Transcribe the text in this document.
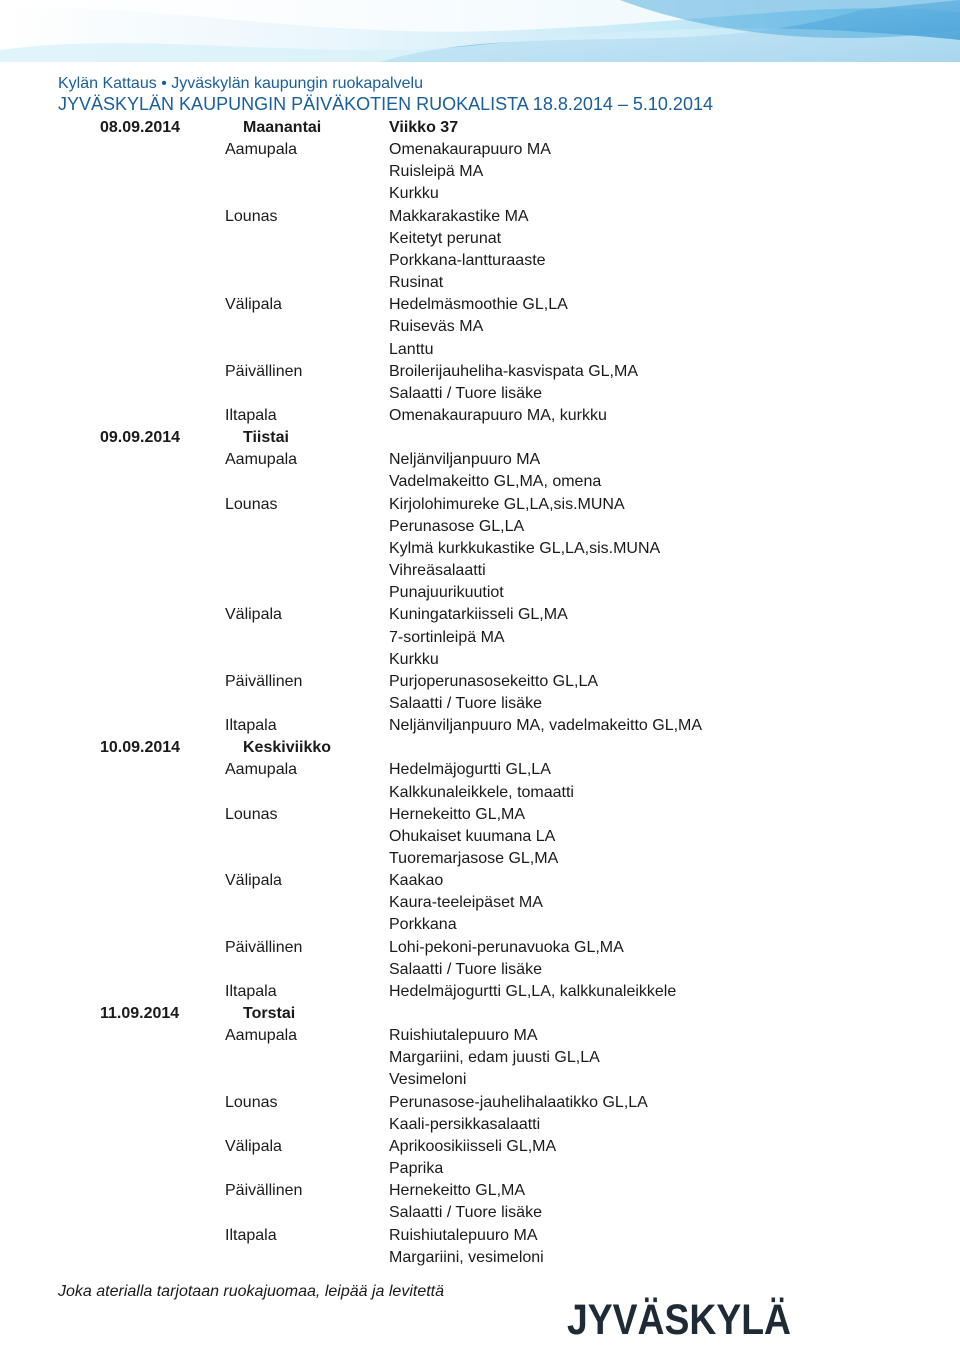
Kylän Kattaus • Jyväskylän kaupungin ruokapalvelu
JYVÄSKYLÄN KAUPUNGIN PÄIVÄKOTIEN RUOKALISTA 18.8.2014 – 5.10.2014
08.09.2014	Maanantai	Viikko 37
Aamupala	Omenakaurapuuro MA
Ruisleipä MA
Kurkku
Lounas	Makkarakastike MA
Keitetyt perunat
Porkkana-lantturaaste
Rusinat
Välipala	Hedelmäsmoothie GL,LA
Ruiseväs MA
Lanttu
Päivällinen	Broilerijauheliha-kasvispata GL,MA
Salaatti / Tuore lisäke
Iltapala	Omenakaurapuuro MA, kurkku
09.09.2014	Tiistai
Aamupala	Neljänviljanpuuro MA
Vadelmakeitto GL,MA, omena
Lounas	Kirjolohimureke GL,LA,sis.MUNA
Perunasose GL,LA
Kylmä kurkkukastike GL,LA,sis.MUNA
Vihreäsalaatti
Punajuurikuutiot
Välipala	Kuningatarkiisseli GL,MA
7-sortinleipä MA
Kurkku
Päivällinen	Purjoperunasosekeitto GL,LA
Salaatti / Tuore lisäke
Iltapala	Neljänviljanpuuro MA, vadelmakeitto GL,MA
10.09.2014	Keskiviikko
Aamupala	Hedelmäjogurtti GL,LA
Kalkkunaleikkele, tomaatti
Lounas	Hernekeitto GL,MA
Ohukaiset kuumana LA
Tuoremarjasose GL,MA
Välipala	Kaakao
Kaura-teeleipäset MA
Porkkana
Päivällinen	Lohi-pekoni-perunavuoka GL,MA
Salaatti / Tuore lisäke
Iltapala	Hedelmäjogurtti GL,LA, kalkkunaleikkele
11.09.2014	Torstai
Aamupala	Ruishiutalepuuro MA
Margariini, edam juusti GL,LA
Vesimeloni
Lounas	Perunasose-jauhelihalaatikko GL,LA
Kaali-persikkasalaatti
Välipala	Aprikoosikiisseli GL,MA
Paprika
Päivällinen	Hernekeitto GL,MA
Salaatti / Tuore lisäke
Iltapala	Ruishiutalepuuro MA
Margariini, vesimeloni
Joka aterialla tarjotaan ruokajuomaa, leipää ja levitettä
JYVÄSKYLÄ
